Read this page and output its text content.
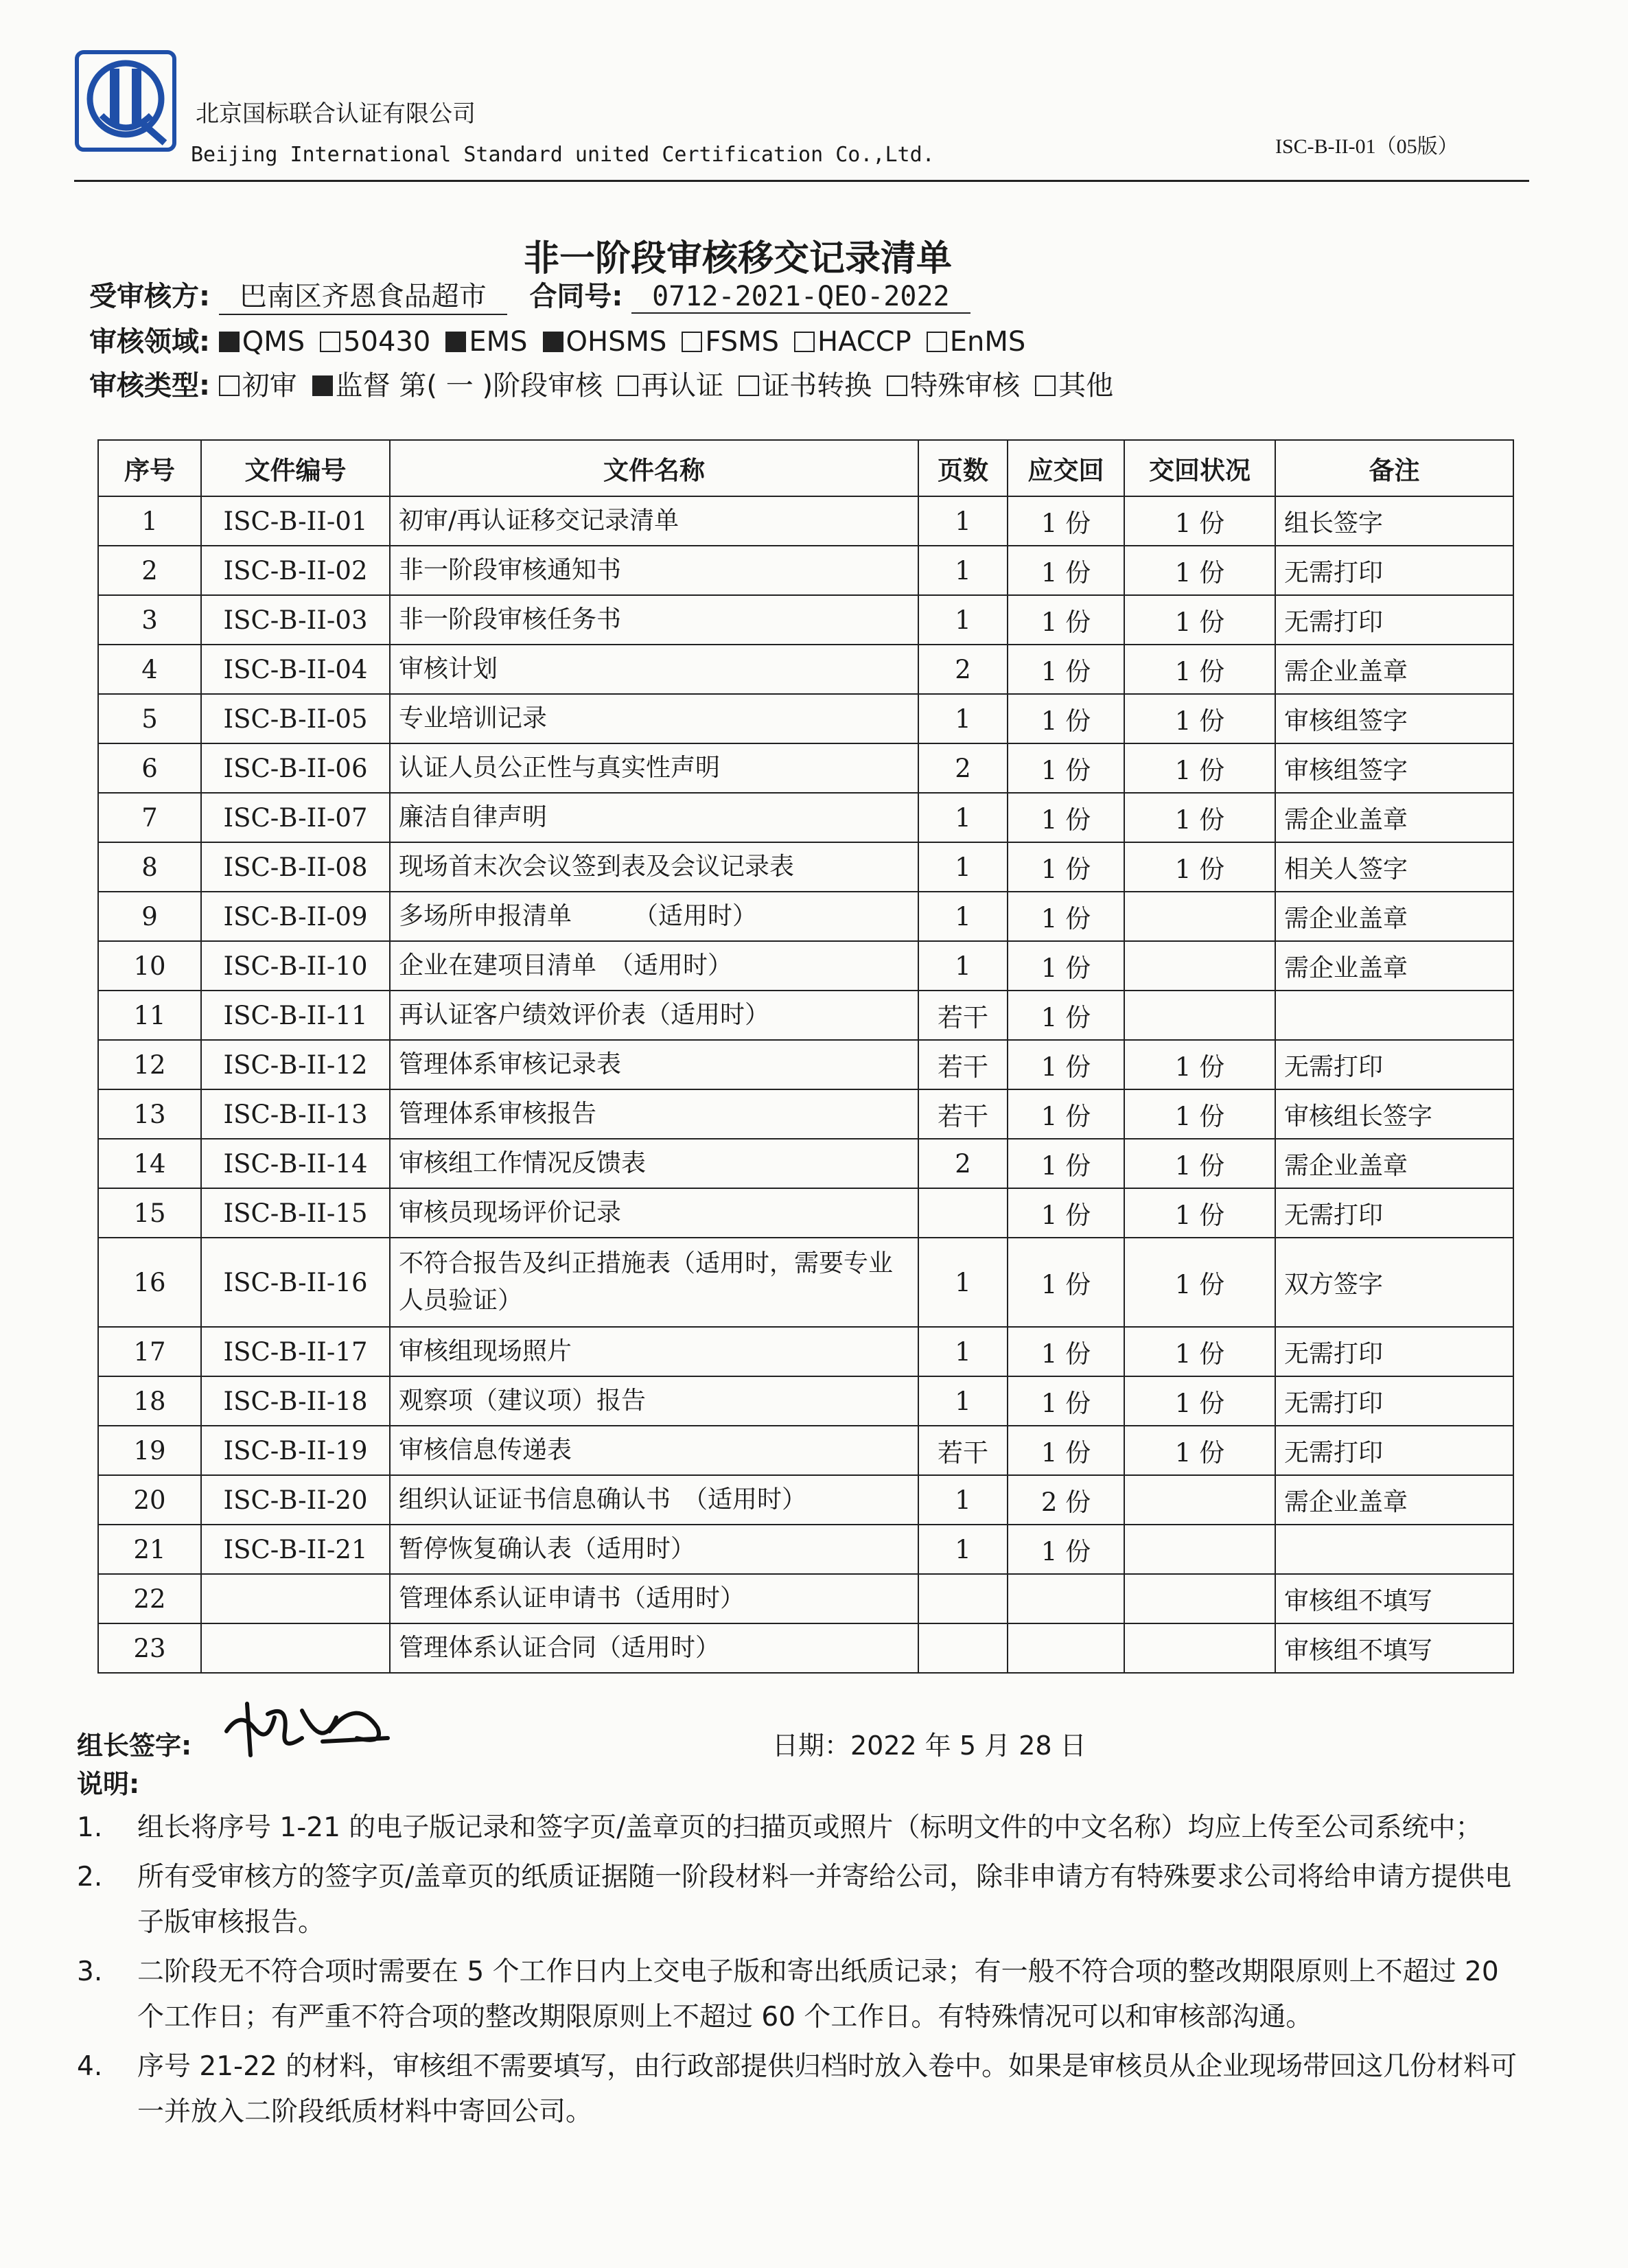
北京国标联合认证有限公司
Beijing International Standard united Certification Co.,Ltd.	ISC-B-II-01（05版）
非一阶段审核移交记录清单
受审核方: 巴南区齐恩食品超市 合同号: 0712-2021-QEO-2022
审核领域: QMS 50430 EMS OHSMS FSMS HACCP EnMS
审核类型: 初审 监督 第( 一 )阶段审核 再认证 证书转换 特殊审核 其他
序号	文件编号	文件名称	页数	应交回	交回状况	备注
1	ISC-B-II-01	初审/再认证移交记录清单	1	1 份	1 份	组长签字
2	ISC-B-II-02	非一阶段审核通知书	1	1 份	1 份	无需打印
3	ISC-B-II-03	非一阶段审核任务书	1	1 份	1 份	无需打印
4	ISC-B-II-04	审核计划	2	1 份	1 份	需企业盖章
5	ISC-B-II-05	专业培训记录	1	1 份	1 份	审核组签字
6	ISC-B-II-06	认证人员公正性与真实性声明	2	1 份	1 份	审核组签字
7	ISC-B-II-07	廉洁自律声明	1	1 份	1 份	需企业盖章
8	ISC-B-II-08	现场首末次会议签到表及会议记录表	1	1 份	1 份	相关人签字
9	ISC-B-II-09	多场所申报清单　　　（适用时）	1	1 份		需企业盖章
10	ISC-B-II-10	企业在建项目清单　（适用时）	1	1 份		需企业盖章
11	ISC-B-II-11	再认证客户绩效评价表（适用时）	若干	1 份		
12	ISC-B-II-12	管理体系审核记录表	若干	1 份	1 份	无需打印
13	ISC-B-II-13	管理体系审核报告	若干	1 份	1 份	审核组长签字
14	ISC-B-II-14	审核组工作情况反馈表	2	1 份	1 份	需企业盖章
15	ISC-B-II-15	审核员现场评价记录		1 份	1 份	无需打印
16	ISC-B-II-16	不符合报告及纠正措施表（适用时，需要专业人员验证）	1	1 份	1 份	双方签字
17	ISC-B-II-17	审核组现场照片	1	1 份	1 份	无需打印
18	ISC-B-II-18	观察项（建议项）报告	1	1 份	1 份	无需打印
19	ISC-B-II-19	审核信息传递表	若干	1 份	1 份	无需打印
20	ISC-B-II-20	组织认证证书信息确认书　（适用时）	1	2 份		需企业盖章
21	ISC-B-II-21	暂停恢复确认表（适用时）	1	1 份		
22		管理体系认证申请书（适用时）				审核组不填写
23		管理体系认证合同（适用时）				审核组不填写
组长签字:	日期：2022 年 5 月 28 日
说明:
1.	组长将序号 1-21 的电子版记录和签字页/盖章页的扫描页或照片（标明文件的中文名称）均应上传至公司系统中；
2.	所有受审核方的签字页/盖章页的纸质证据随一阶段材料一并寄给公司，除非申请方有特殊要求公司将给申请方提供电子版审核报告。
3.	二阶段无不符合项时需要在 5 个工作日内上交电子版和寄出纸质记录；有一般不符合项的整改期限原则上不超过 20 个工作日；有严重不符合项的整改期限原则上不超过 60 个工作日。有特殊情况可以和审核部沟通。
4.	序号 21-22 的材料，审核组不需要填写，由行政部提供归档时放入卷中。如果是审核员从企业现场带回这几份材料可一并放入二阶段纸质材料中寄回公司。
